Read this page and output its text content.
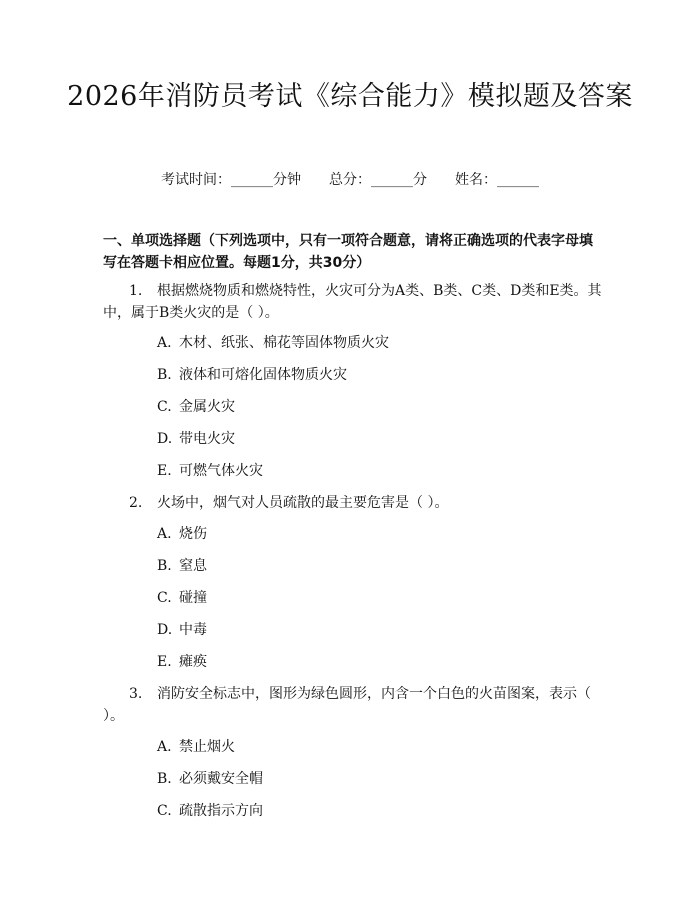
2026年消防员考试《综合能力》模拟题及答案
考试时间：______分钟 总分：______分 姓名：______
一、单项选择题（下列选项中，只有一项符合题意，请将正确选项的代表字母填写在答题卡相应位置。每题1分，共30分）
1. 根据燃烧物质和燃烧特性，火灾可分为A类、B类、C类、D类和E类。其中，属于B类火灾的是（ ）。
A. 木材、纸张、棉花等固体物质火灾
B. 液体和可熔化固体物质火灾
C. 金属火灾
D. 带电火灾
E. 可燃气体火灾
2. 火场中，烟气对人员疏散的最主要危害是（ ）。
A. 烧伤
B. 窒息
C. 碰撞
D. 中毒
E. 瘫痪
3. 消防安全标志中，图形为绿色圆形，内含一个白色的火苗图案，表示（ ）。
A. 禁止烟火
B. 必须戴安全帽
C. 疏散指示方向
